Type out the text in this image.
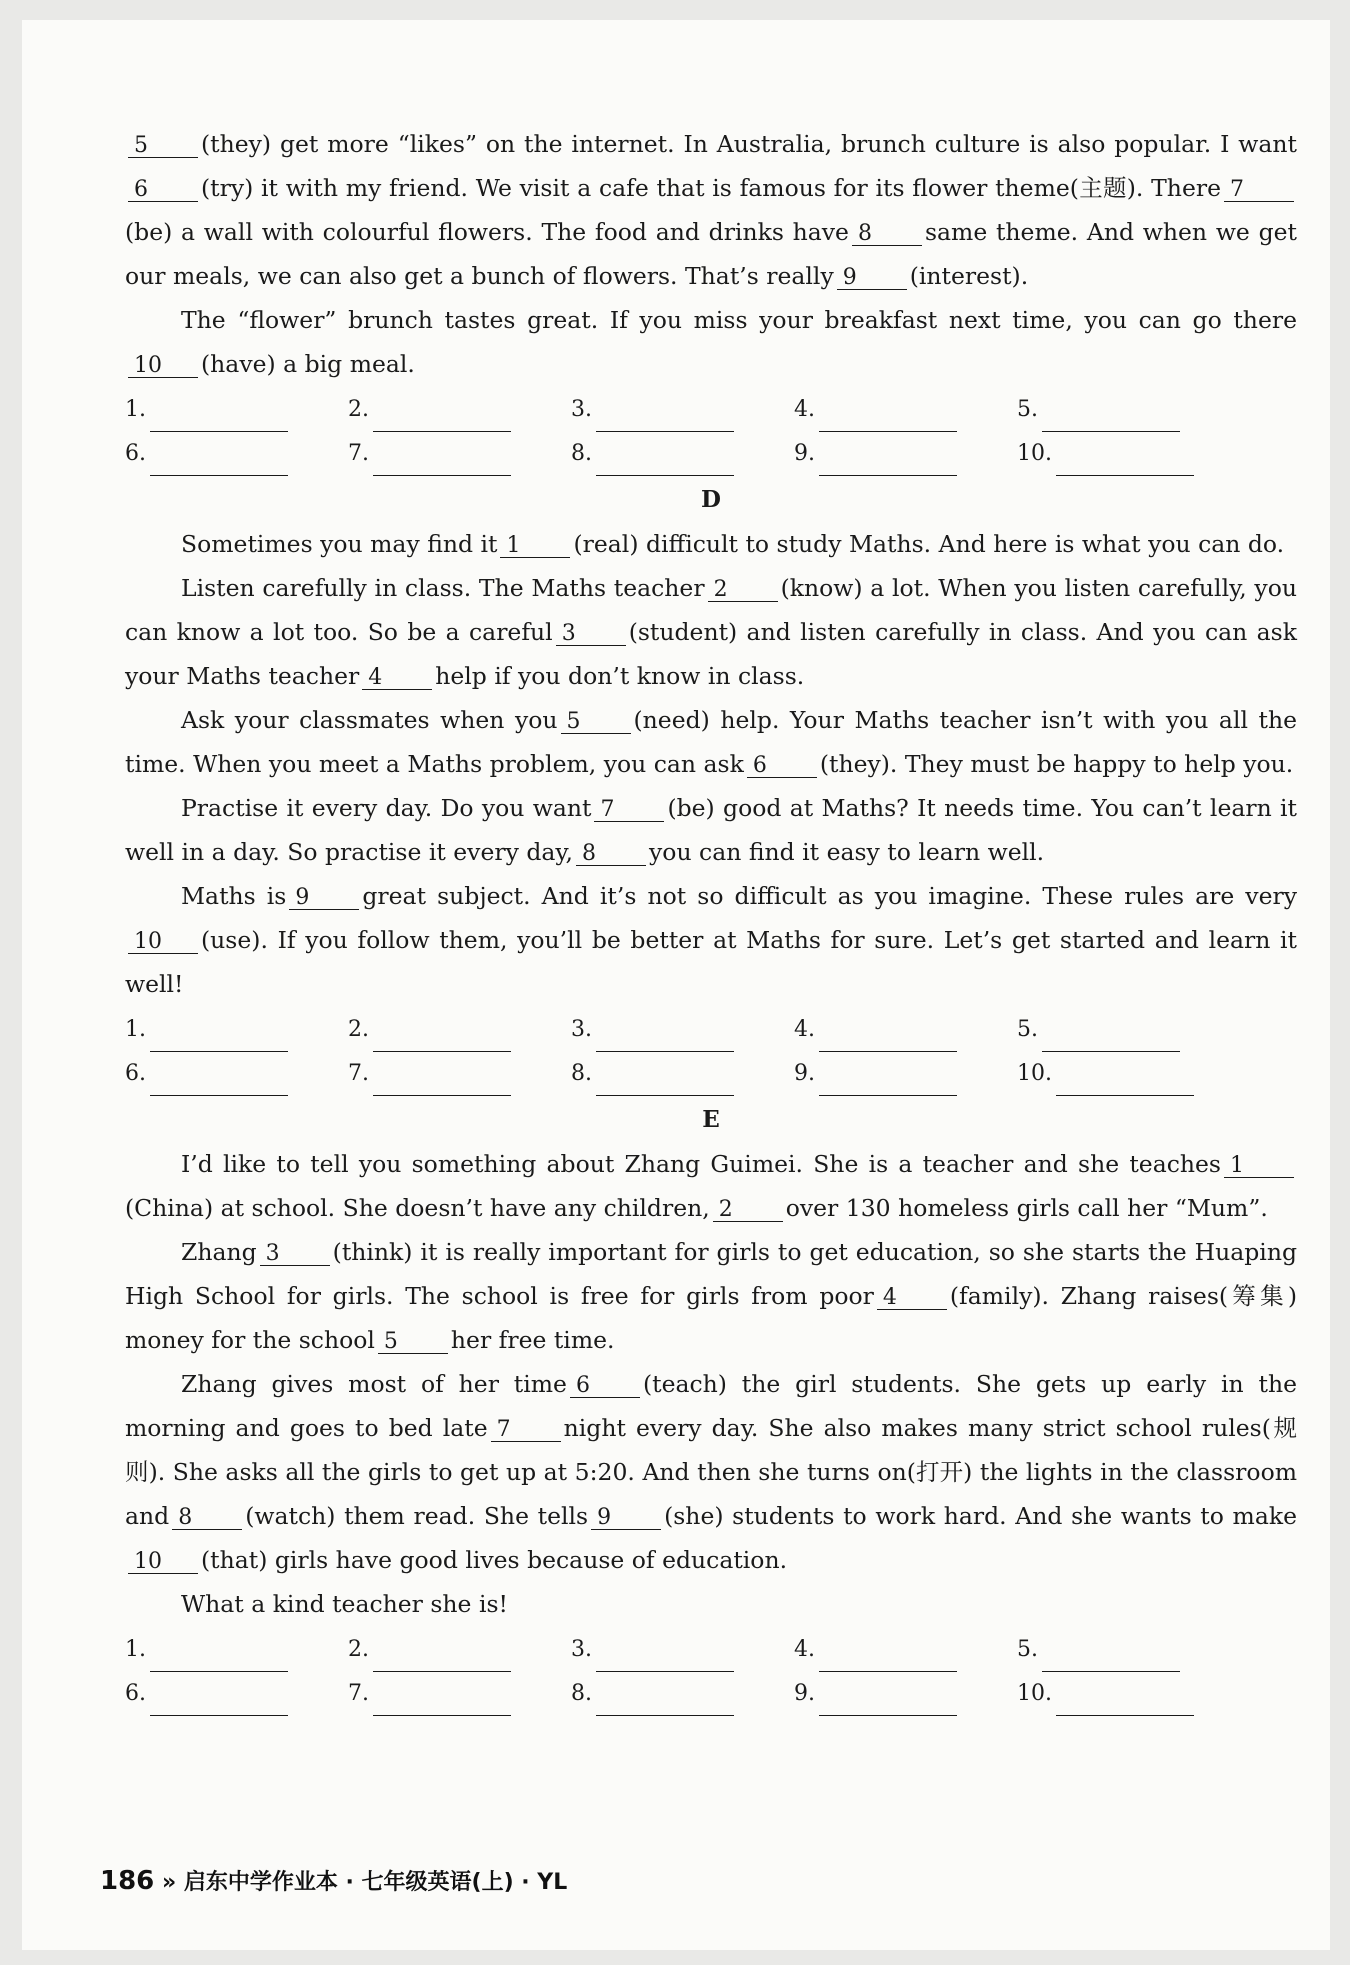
5 (they) get more “likes” on the internet. In Australia, brunch culture is also popular. I want6 (try) it with my friend. We visit a cafe that is famous for its flower theme(主题). There 7(be) a wall with colourful flowers. The food and drinks have 8 same theme. And when we get our meals, we can also get a bunch of flowers. That’s really 9 (interest).

The “flower” brunch tastes great. If you miss your breakfast next time, you can go there 10 (have) a big meal.

1.	2.	3.	4.	5.
6.	7.	8.	9.	10.
D

Sometimes you may find it 1 (real) difficult to study Maths. And here is what you can do.

Listen carefully in class. The Maths teacher 2 (know) a lot. When you listen carefully, you can know a lot too. So be a careful 3 (student) and listen carefully in class. And you can ask your Maths teacher 4 help if you don’t know in class.

Ask your classmates when you 5 (need) help. Your Maths teacher isn’t with you all the time. When you meet a Maths problem, you can ask 6 (they). They must be happy to help you.

Practise it every day. Do you want 7 (be) good at Maths? It needs time. You can’t learn it well in a day. So practise it every day, 8 you can find it easy to learn well.

Maths is 9 great subject. And it’s not so difficult as you imagine. These rules are very10 (use). If you follow them, you’ll be better at Maths for sure. Let’s get started and learn it well!

1.	2.	3.	4.	5.
6.	7.	8.	9.	10.
E

I’d like to tell you something about Zhang Guimei. She is a teacher and she teaches 1(China) at school. She doesn’t have any children, 2 over 130 homeless girls call her “Mum”.

Zhang 3 (think) it is really important for girls to get education, so she starts the Huaping High School for girls. The school is free for girls from poor 4 (family). Zhang raises(筹集) money for the school 5 her free time.

Zhang gives most of her time 6 (teach) the girl students. She gets up early in the morning and goes to bed late 7 night every day. She also makes many strict school rules(规则). She asks all the girls to get up at 5:20. And then she turns on(打开) the lights in the classroom and 8 (watch) them read. She tells 9 (she) students to work hard. And she wants to make10 (that) girls have good lives because of education.

What a kind teacher she is!

1.	2.	3.	4.	5.
6.	7.	8.	9.	10.
186 » 启东中学作业本 · 七年级英语(上) · YL
